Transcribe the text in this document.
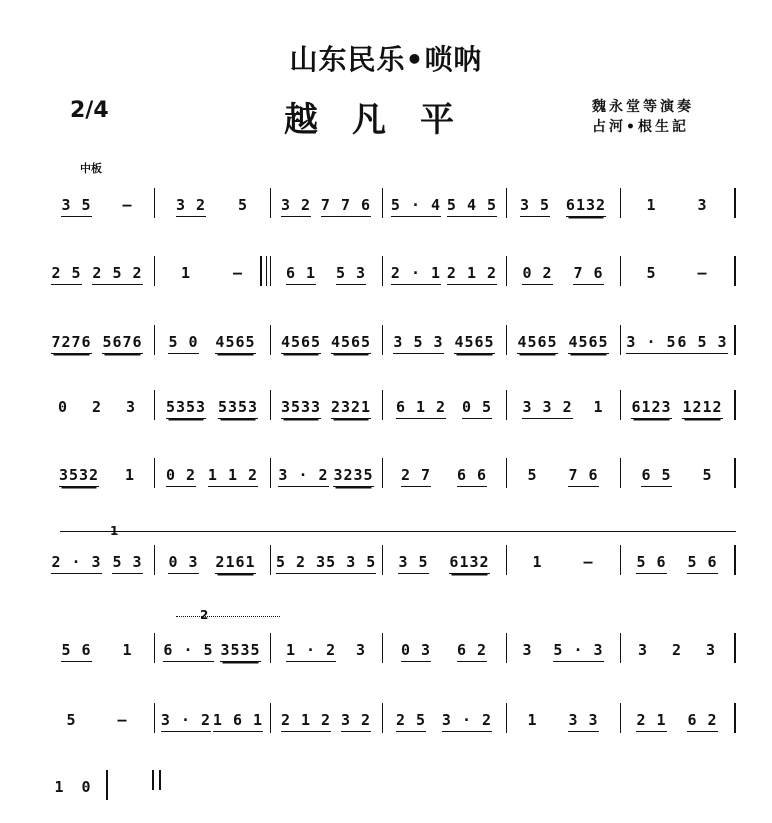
山东民乐•唢呐
2/4	越凡平	魏永堂等演奏
占河•根生記
中板
3 5 —	3 2 5 3 2 7 7 6 5 · 4 5 4 5 3 5 6132	1	3
2 5 2 5 2	1	—	6 1 5 3 2 · 1 2 1 2 0 2 7 6	5	—
7276 5676 5 0 4565 4565 4565 3 5 3 4565 4565 4565 3 · 5 6 5 3
0 2 3 5353 5353 3533 2321 6 1 2 0 5 3 3 2 1 6123 1212
3532 1 0 2 1 1 2 3 · 2 3235 2 7 6 6	5 7 6	6 5 5
2 · 3 5 3 0 3 2161 5 2 3 5 3 5 3 5 6132	1	—	5 6 5 6
5 6 1 6 · 5 3535 1 · 2 3 0 3 6 2 3 5 · 3 3 2 3
5	— 3 · 2 1 6 1 2 1 2 3 2 2 5 3 · 2 1 3 3	2 1 6 2
1 0
1
2
